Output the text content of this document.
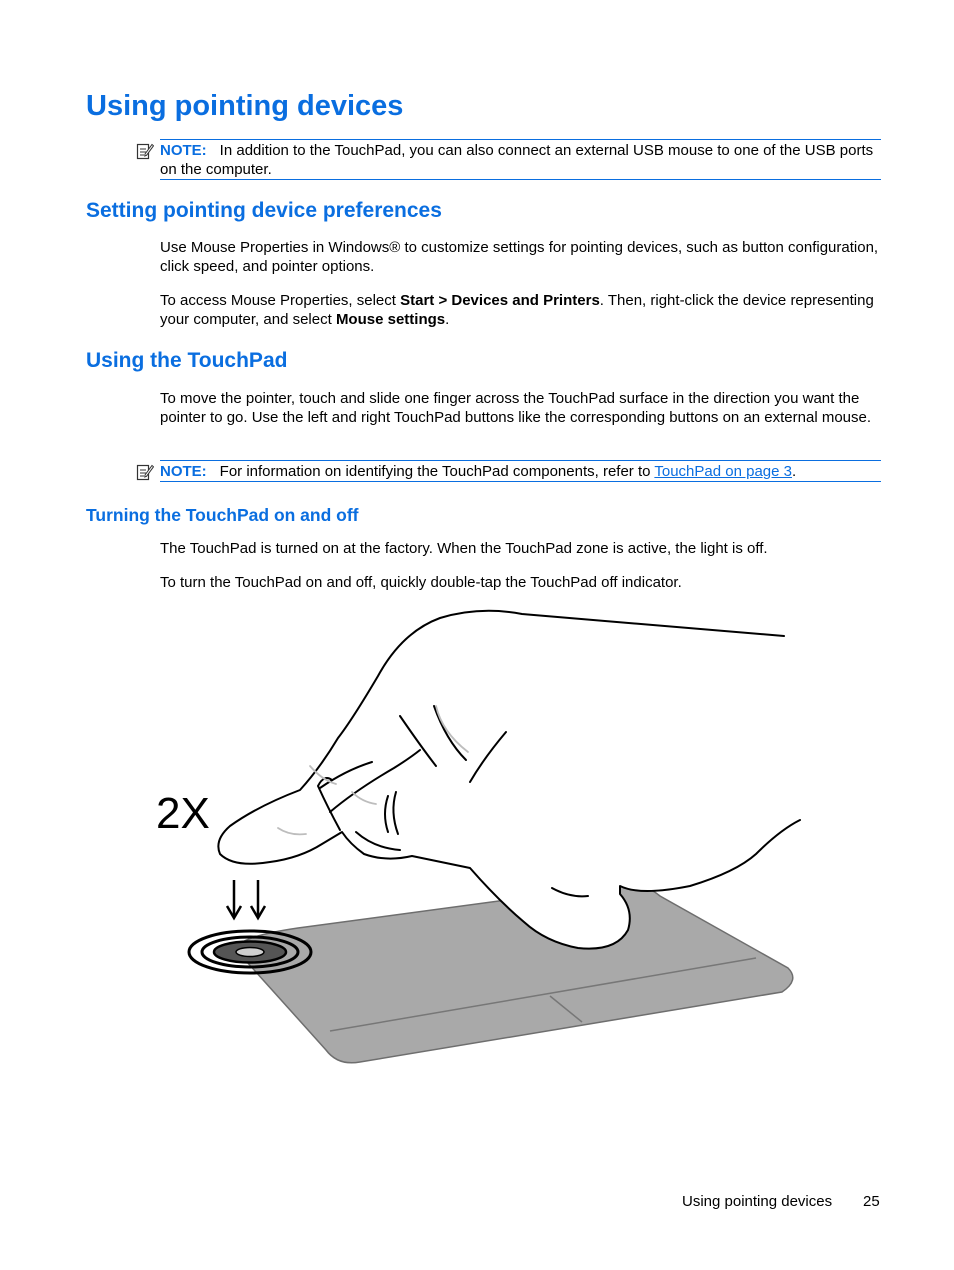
Using pointing devices
NOTE: In addition to the TouchPad, you can also connect an external USB mouse to one of the USB ports on the computer.
Setting pointing device preferences

Use Mouse Properties in Windows® to customize settings for pointing devices, such as button configuration, click speed, and pointer options.

To access Mouse Properties, select Start > Devices and Printers. Then, right-click the device representing your computer, and select Mouse settings.

Using the TouchPad

To move the pointer, touch and slide one finger across the TouchPad surface in the direction you want the pointer to go. Use the left and right TouchPad buttons like the corresponding buttons on an external mouse.

NOTE: For information on identifying the TouchPad components, refer to TouchPad on page 3.
Turning the TouchPad on and off

The TouchPad is turned on at the factory. When the TouchPad zone is active, the light is off.

To turn the TouchPad on and off, quickly double-tap the TouchPad off indicator.

2X
Using pointing devices 25
